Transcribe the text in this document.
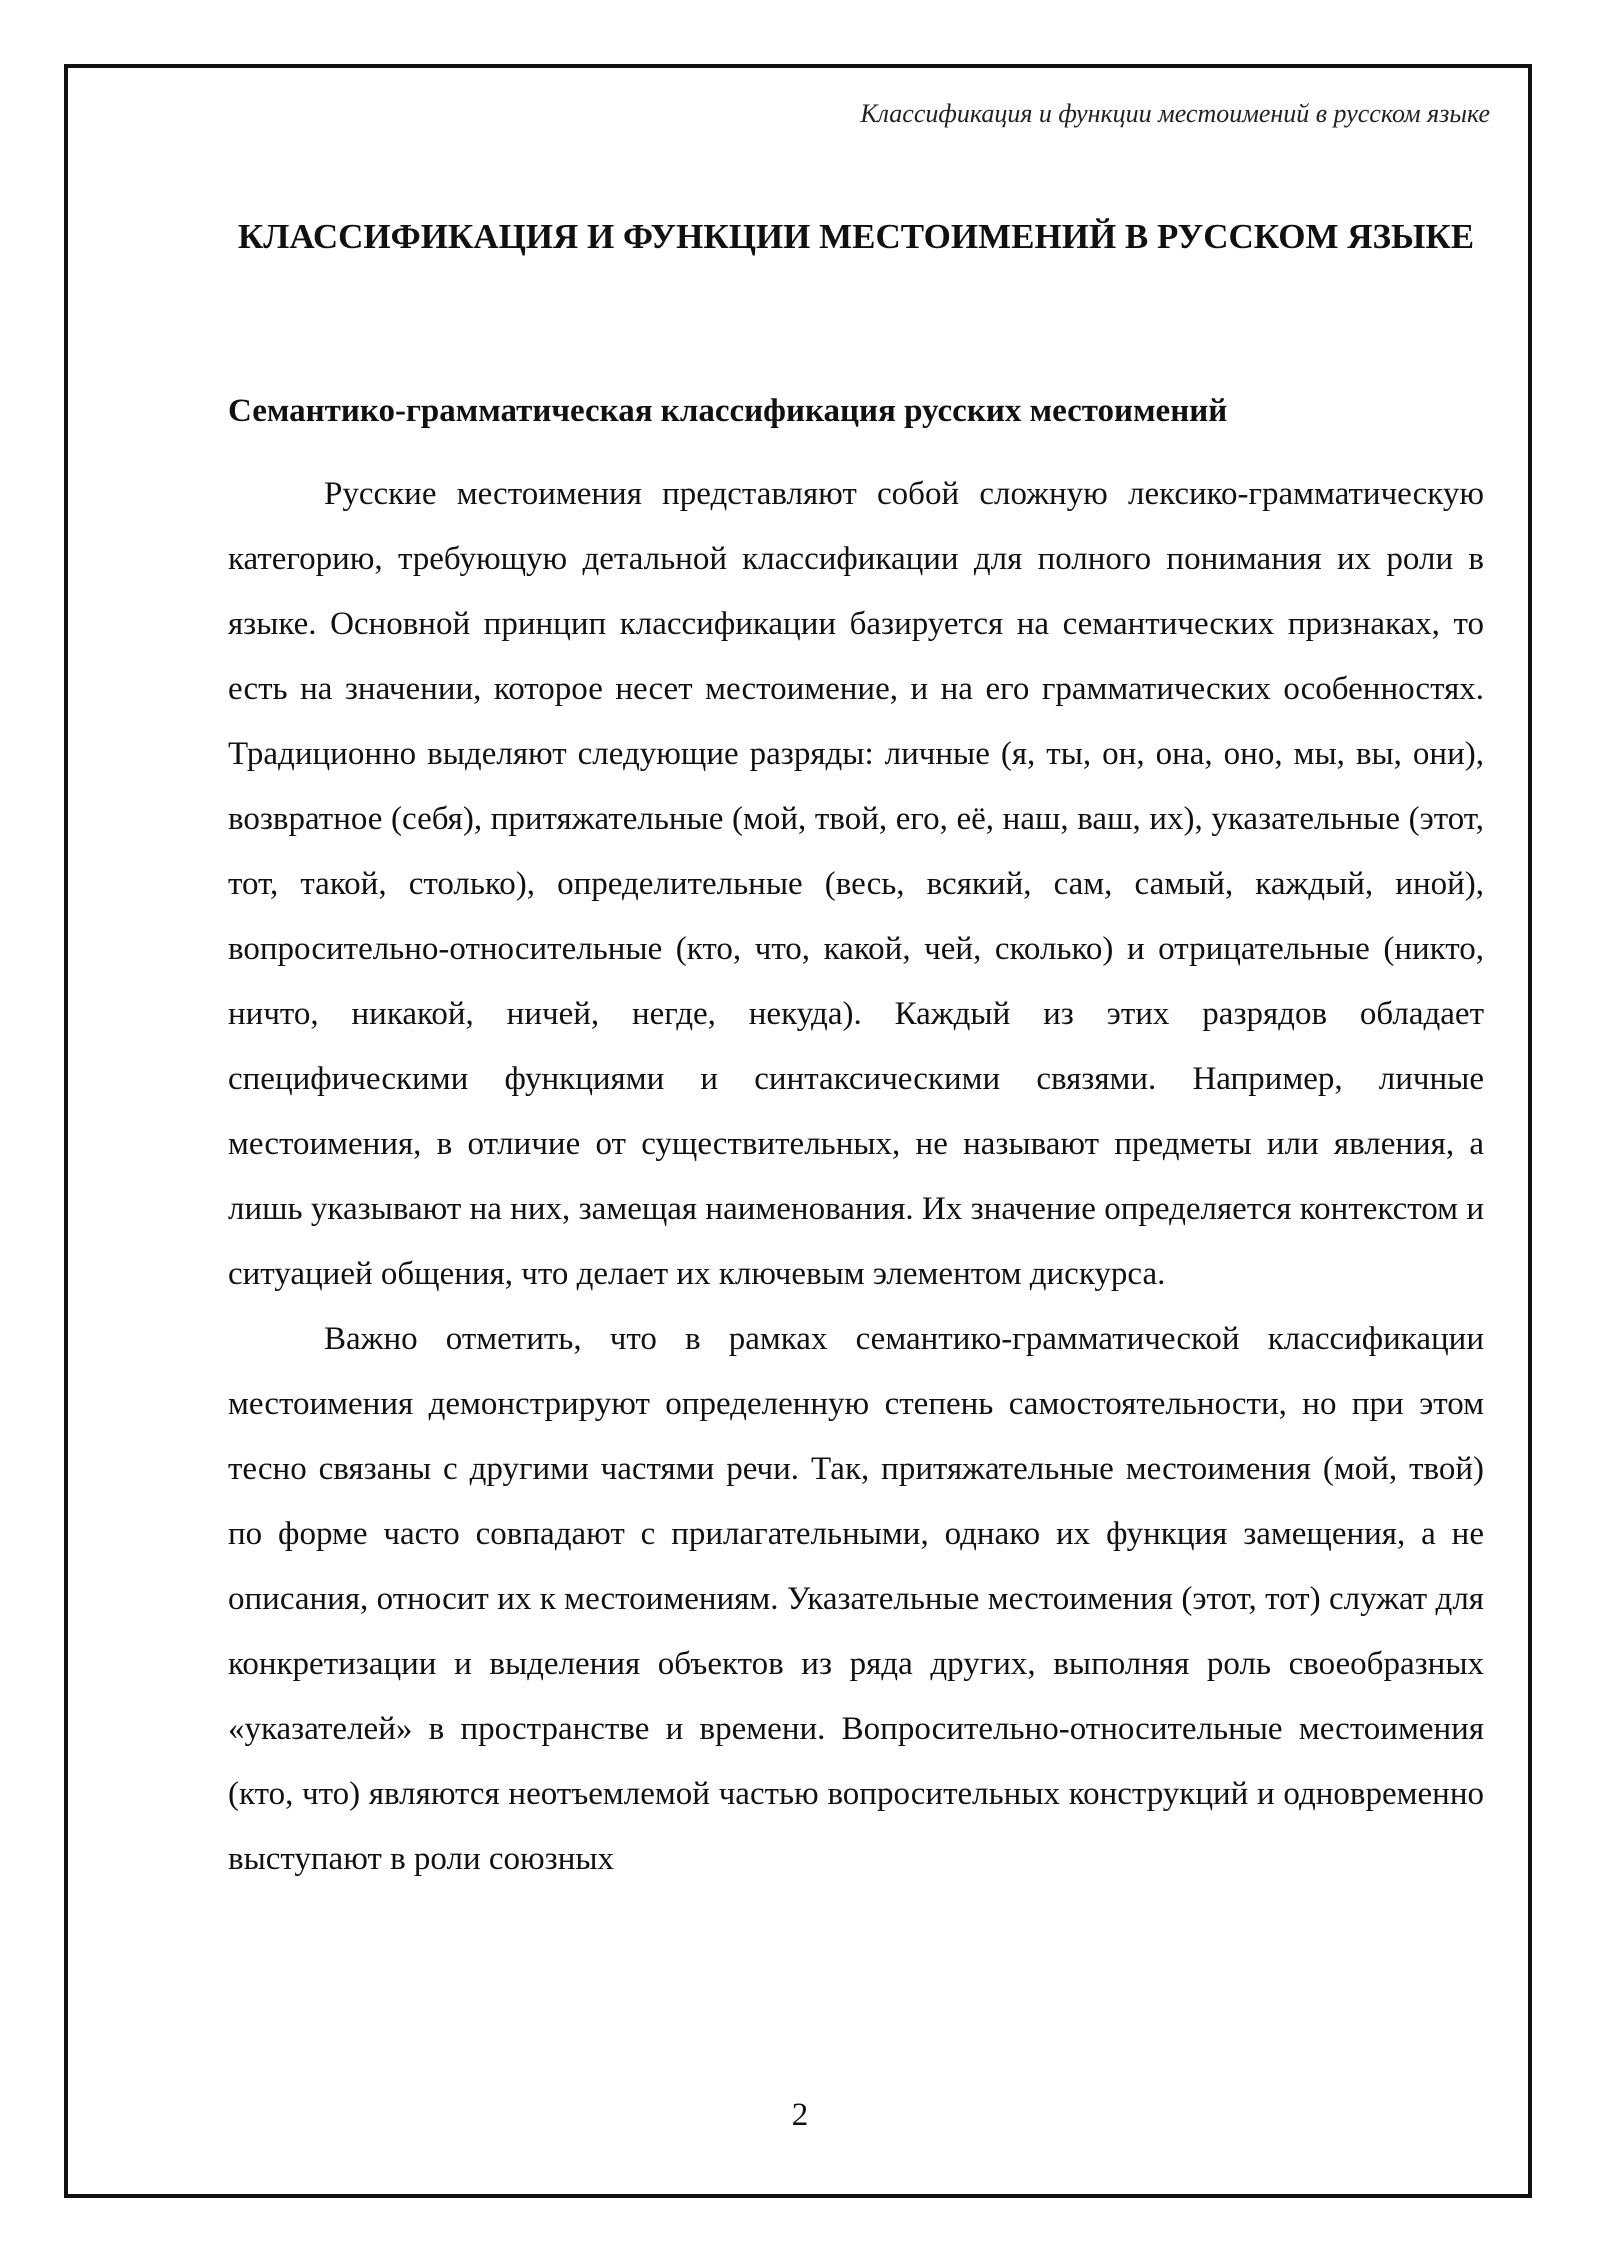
Классификация и функции местоимений в русском языке
КЛАССИФИКАЦИЯ И ФУНКЦИИ МЕСТОИМЕНИЙ В РУССКОМ ЯЗЫКЕ
Семантико-грамматическая классификация русских местоимений

Русские местоимения представляют собой сложную лексико-грамматическую категорию, требующую детальной классификации для полного понимания их роли в языке. Основной принцип классификации базируется на семантических признаках, то есть на значении, которое несет местоимение, и на его грамматических особенностях. Традиционно выделяют следующие разряды: личные (я, ты, он, она, оно, мы, вы, они), возвратное (себя), притяжательные (мой, твой, его, её, наш, ваш, их), указательные (этот, тот, такой, столько), определительные (весь, всякий, сам, самый, каждый, иной), вопросительно-относительные (кто, что, какой, чей, сколько) и отрицательные (никто, ничто, никакой, ничей, негде, некуда). Каждый из этих разрядов обладает специфическими функциями и синтаксическими связями. Например, личные местоимения, в отличие от существительных, не называют предметы или явления, а лишь указывают на них, замещая наименования. Их значение определяется контекстом и ситуацией общения, что делает их ключевым элементом дискурса.

Важно отметить, что в рамках семантико-грамматической классификации местоимения демонстрируют определенную степень самостоятельности, но при этом тесно связаны с другими частями речи. Так, притяжательные местоимения (мой, твой) по форме часто совпадают с прилагательными, однако их функция замещения, а не описания, относит их к местоимениям. Указательные местоимения (этот, тот) служат для конкретизации и выделения объектов из ряда других, выполняя роль своеобразных «указателей» в пространстве и времени. Вопросительно-относительные местоимения (кто, что) являются неотъемлемой частью вопросительных конструкций и одновременно выступают в роли союзных

2
